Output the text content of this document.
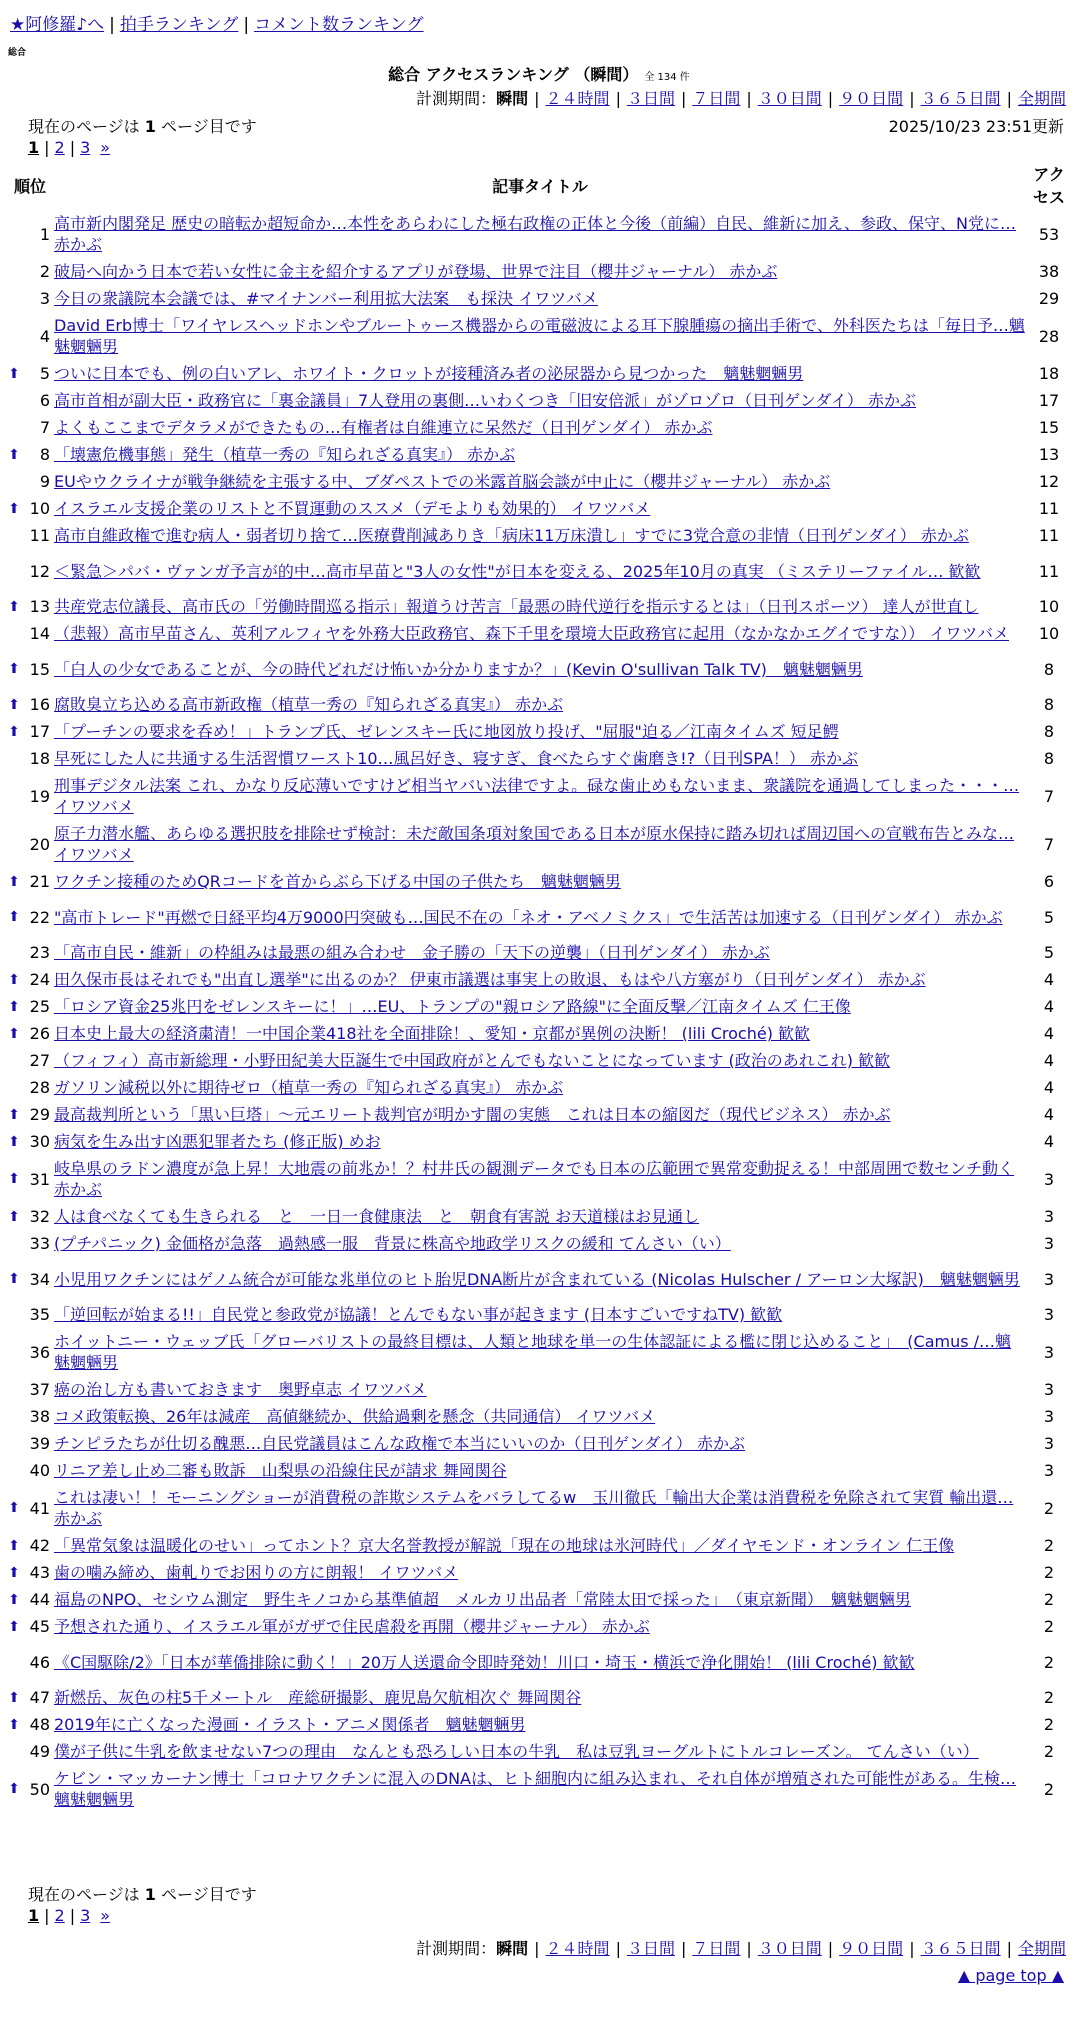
★阿修羅♪へ | 拍手ランキング | コメント数ランキング
総合
総合 アクセスランキング （瞬間） 全 134 件
計測期間：瞬間 | ２４時間 | ３日間 | ７日間 | ３０日間 | ９０日間 | ３６５日間 | 全期間
現在のページは 1 ページ目です	2025/10/23 23:51更新
1 | 2 | 3 »
順位		記事タイトル	アクセス
	1	高市新内閣発足 歴史の暗転か超短命か…本性をあらわにした極右政権の正体と今後（前編）自民、維新に加え、参政、保守、N党に…赤かぶ	53
	2	破局へ向かう日本で若い女性に金主を紹介するアプリが登場、世界で注目（櫻井ジャーナル） 赤かぶ	38
	3	今日の衆議院本会議では、#マイナンバー利用拡大法案　も採決 イワツバメ	29
	4	David Erb博士「ワイヤレスヘッドホンやブルートゥース機器からの電磁波による耳下腺腫瘍の摘出手術で、外科医たちは「毎日予…魑魅魍魎男	28
⬆	5	ついに日本でも、例の白いアレ、ホワイト・クロットが接種済み者の泌尿器から見つかった　魑魅魍魎男	18
	6	高市首相が副大臣・政務官に「裏金議員」7人登用の裏側…いわくつき「旧安倍派」がゾロゾロ（日刊ゲンダイ） 赤かぶ	17
	7	よくもここまでデタラメができたもの…有権者は自維連立に呆然だ（日刊ゲンダイ） 赤かぶ	15
⬆	8	「壊憲危機事態」発生（植草一秀の『知られざる真実』） 赤かぶ	13
	9	EUやウクライナが戦争継続を主張する中、ブダペストでの米露首脳会談が中止に（櫻井ジャーナル） 赤かぶ	12
⬆	10	イスラエル支援企業のリストと不買運動のススメ（デモよりも効果的） イワツバメ	11
	11	高市自維政権で進む病人・弱者切り捨て…医療費削減ありき「病床11万床潰し」すでに3党合意の非情（日刊ゲンダイ） 赤かぶ	11
	12	＜緊急＞パバ・ヴァンガ予言が的中…高市早苗と"3人の女性"が日本を変える、2025年10月の真実 （ミステリーファイル… 歓歓	11
⬆	13	共産党志位議長、高市氏の「労働時間巡る指示」報道うけ苦言「最悪の時代逆行を指示するとは」（日刊スポーツ） 達人が世直し	10
	14	（悲報）高市早苗さん、英利アルフィヤを外務大臣政務官、森下千里を環境大臣政務官に起用（なかなかエグイですな）） イワツバメ	10
⬆	15	「白人の少女であることが、今の時代どれだけ怖いか分かりますか？」(Kevin O'sullivan Talk TV)　魑魅魍魎男	8
⬆	16	腐敗臭立ち込める高市新政権（植草一秀の『知られざる真実』） 赤かぶ	8
⬆	17	「プーチンの要求を呑め！」トランプ氏、ゼレンスキー氏に地図放り投げ、"屈服"迫る／江南タイムズ 短足鰐	8
	18	早死にした人に共通する生活習慣ワースト10…風呂好き、寝すぎ、食べたらすぐ歯磨き!?（日刊SPA！） 赤かぶ	8
	19	刑事デジタル法案 これ、かなり反応薄いですけど相当ヤバい法律ですよ。碌な歯止めもないまま、衆議院を通過してしまった・・・…イワツバメ	7
	20	原子力潜水艦、あらゆる選択肢を排除せず検討：未だ敵国条項対象国である日本が原水保持に踏み切れば周辺国への宣戦布告とみな…イワツバメ	7
⬆	21	ワクチン接種のためQRコードを首からぶら下げる中国の子供たち　魑魅魍魎男	6
⬆	22	"高市トレード"再燃で日経平均4万9000円突破も…国民不在の「ネオ・アベノミクス」で生活苦は加速する（日刊ゲンダイ） 赤かぶ	5
	23	「高市自民・維新」の枠組みは最悪の組み合わせ　金子勝の「天下の逆襲」（日刊ゲンダイ） 赤かぶ	5
⬆	24	田久保市長はそれでも"出直し選挙"に出るのか？ 伊東市議選は事実上の敗退、もはや八方塞がり（日刊ゲンダイ） 赤かぶ	4
⬆	25	「ロシア資金25兆円をゼレンスキーに！」…EU、トランプの"親ロシア路線"に全面反撃／江南タイムズ 仁王像	4
⬆	26	日本史上最大の経済粛清！一中国企業418社を全面排除！、愛知・京都が異例の決断！ (lili Croché) 歓歓	4
	27	（フィフィ）高市新総理・小野田紀美大臣誕生で中国政府がとんでもないことになっています (政治のあれこれ) 歓歓	4
	28	ガソリン減税以外に期待ゼロ（植草一秀の『知られざる真実』） 赤かぶ	4
⬆	29	最高裁判所という「黒い巨塔」～元エリート裁判官が明かす闇の実態　これは日本の縮図だ（現代ビジネス） 赤かぶ	4
⬆	30	病気を生み出す凶悪犯罪者たち (修正版) めお	4
⬆	31	岐阜県のラドン濃度が急上昇！大地震の前兆か！？村井氏の観測データでも日本の広範囲で異常変動捉える！中部周囲で数センチ動く赤かぶ	3
⬆	32	人は食べなくても生きられる　と　一日一食健康法　と　朝食有害説 お天道様はお見通し	3
	33	(プチパニック) 金価格が急落　過熱感一服　背景に株高や地政学リスクの緩和 てんさい（い）	3
⬆	34	小児用ワクチンにはゲノム統合が可能な兆単位のヒト胎児DNA断片が含まれている (Nicolas Hulscher / アーロン大塚訳)　魑魅魍魎男	3
	35	「逆回転が始まる!!」自民党と参政党が協議！とんでもない事が起きます (日本すごいですねTV) 歓歓	3
	36	ホイットニー・ウェッブ氏「グローバリストの最終目標は、人類と地球を単一の生体認証による檻に閉じ込めること」　(Camus /…魑魅魍魎男	3
	37	癌の治し方も書いておきます　奥野卓志 イワツバメ	3
	38	コメ政策転換、26年は減産　高値継続か、供給過剰を懸念（共同通信） イワツバメ	3
	39	チンピラたちが仕切る醜悪…自民党議員はこんな政権で本当にいいのか（日刊ゲンダイ） 赤かぶ	3
	40	リニア差し止め二審も敗訴　山梨県の沿線住民が請求 舞岡関谷	3
⬆	41	これは凄い！！モーニングショーが消費税の詐欺システムをバラしてるw　玉川徹氏「輸出大企業は消費税を免除されて実質 輸出還…赤かぶ	2
⬆	42	「異常気象は温暖化のせい」ってホント？京大名誉教授が解説「現在の地球は氷河時代」／ダイヤモンド・オンライン 仁王像	2
⬆	43	歯の噛み締め、歯軋りでお困りの方に朗報！ イワツバメ	2
⬆	44	福島のNPO、セシウム測定　野生キノコから基準値超　メルカリ出品者「常陸太田で採った」　（東京新聞）　魑魅魍魎男	2
⬆	45	予想された通り、イスラエル軍がガザで住民虐殺を再開（櫻井ジャーナル） 赤かぶ	2
	46	《C国駆除/2》「日本が華僑排除に動く！」20万人送還命令即時発効！川口・埼玉・横浜で浄化開始！ (lili Croché) 歓歓	2
⬆	47	新燃岳、灰色の柱5千メートル　産総研撮影、鹿児島欠航相次ぐ 舞岡関谷	2
⬆	48	2019年に亡くなった漫画・イラスト・アニメ関係者　魑魅魍魎男	2
	49	僕が子供に牛乳を飲ませない7つの理由　なんとも恐ろしい日本の牛乳　私は豆乳ヨーグルトにトルコレーズン。 てんさい（い）	2
⬆	50	ケビン・マッカーナン博士「コロナワクチンに混入のDNAは、ヒト細胞内に組み込まれ、それ自体が増殖された可能性がある。生検…魑魅魍魎男	2
現在のページは 1 ページ目です
1 | 2 | 3 »
計測期間：瞬間 | ２４時間 | ３日間 | ７日間 | ３０日間 | ９０日間 | ３６５日間 | 全期間
▲ page top ▲
